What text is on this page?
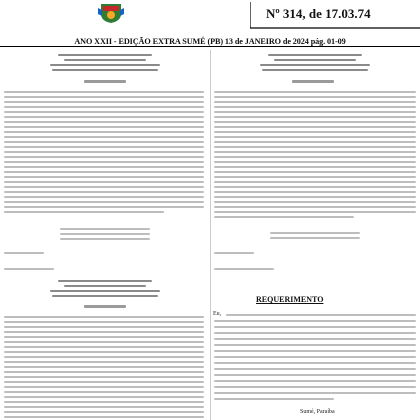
Nº 314, de 17.03.74
ANO XXII - EDIÇÃO EXTRA SUMÉ (PB) 13 de JANEIRO de 2024 pág. 01-09
REQUERIMENTO
Eu,
Sumé, Paraíba
